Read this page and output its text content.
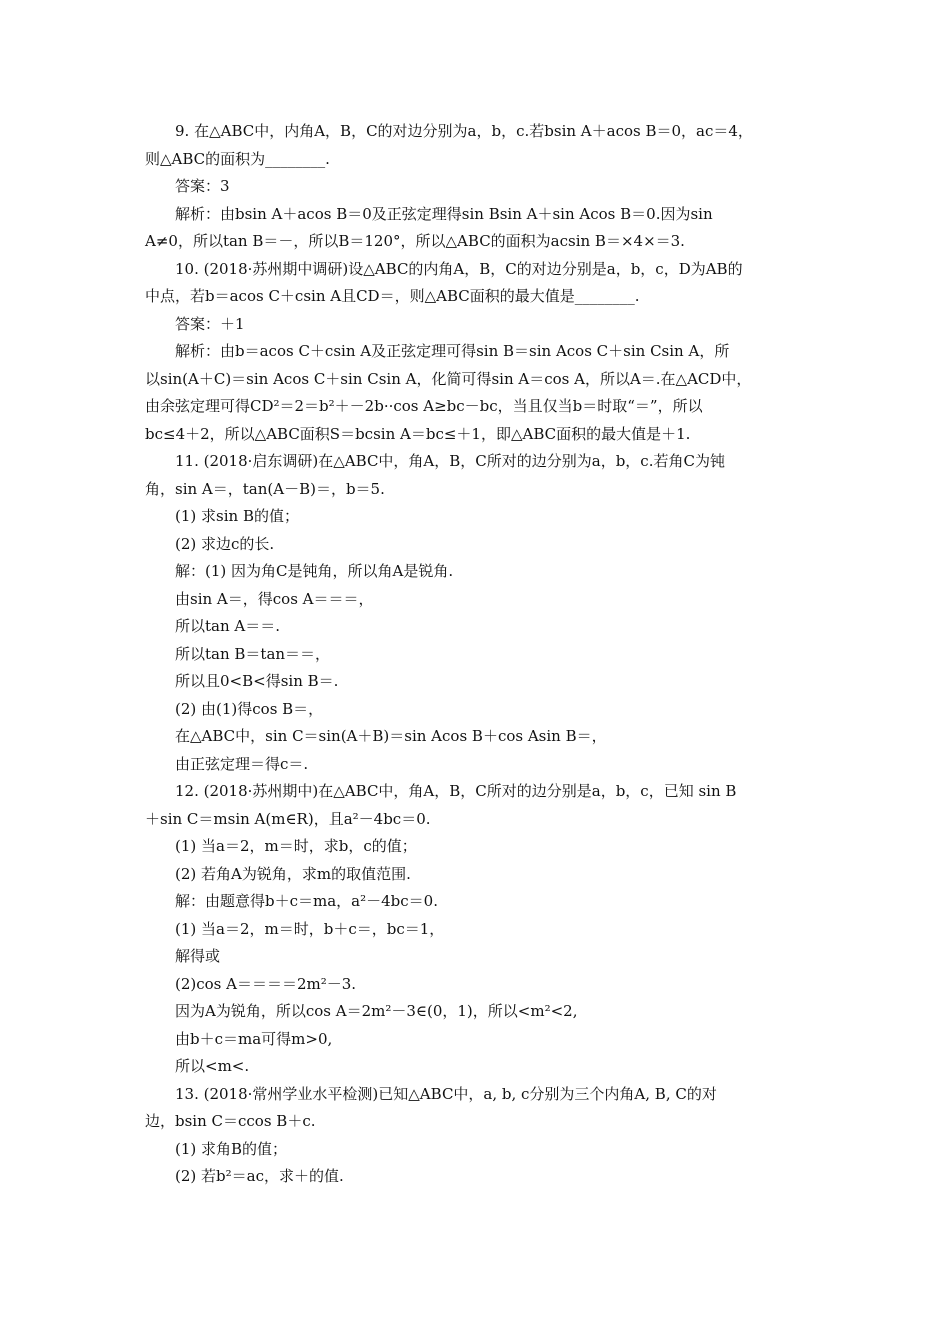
9. 在△ABC中，内角A，B，C的对边分别为a，b，c.若bsin A＋acos B＝0，ac＝4，
则△ABC的面积为________.
答案：3
解析：由bsin A＋acos B＝0及正弦定理得sin Bsin A＋sin Acos B＝0.因为sin
A≠0，所以tan B＝－，所以B＝120°，所以△ABC的面积为acsin B＝×4×＝3.
10. (2018·苏州期中调研)设△ABC的内角A，B，C的对边分别是a，b，c，D为AB的
中点，若b＝acos C＋csin A且CD＝，则△ABC面积的最大值是________.
答案：＋1
解析：由b＝acos C＋csin A及正弦定理可得sin B＝sin Acos C＋sin Csin A，所
以sin(A＋C)＝sin Acos C＋sin Csin A，化简可得sin A＝cos A，所以A＝.在△ACD中，
由余弦定理可得CD²＝2＝b²＋－2b··cos A≥bc－bc，当且仅当b＝时取“＝”，所以
bc≤4＋2，所以△ABC面积S＝bcsin A＝bc≤＋1，即△ABC面积的最大值是＋1.
11. (2018·启东调研)在△ABC中，角A，B，C所对的边分别为a，b，c.若角C为钝
角，sin A＝，tan(A－B)＝，b＝5.
(1) 求sin B的值；
(2) 求边c的长.
解：(1) 因为角C是钝角，所以角A是锐角.
由sin A＝，得cos A＝＝＝，
所以tan A＝＝.
所以tan B＝tan＝＝，
所以且0<B<得sin B＝.
(2) 由(1)得cos B＝，
在△ABC中，sin C＝sin(A＋B)＝sin Acos B＋cos Asin B＝，
由正弦定理＝得c＝.
12. (2018·苏州期中)在△ABC中，角A，B，C所对的边分别是a，b，c，已知 sin B
＋sin C＝msin A(m∈R)，且a²－4bc＝0.
(1) 当a＝2，m＝时，求b，c的值；
(2) 若角A为锐角，求m的取值范围.
解：由题意得b＋c＝ma，a²－4bc＝0.
(1) 当a＝2，m＝时，b＋c＝，bc＝1，
解得或
(2)cos A＝＝＝＝2m²－3.
因为A为锐角，所以cos A＝2m²－3∈(0，1)，所以<m²<2,
由b＋c＝ma可得m>0,
所以<m<.
13. (2018·常州学业水平检测)已知△ABC中，a, b, c分别为三个内角A, B, C的对
边，bsin C＝ccos B＋c.
(1) 求角B的值；
(2) 若b²＝ac，求＋的值.
